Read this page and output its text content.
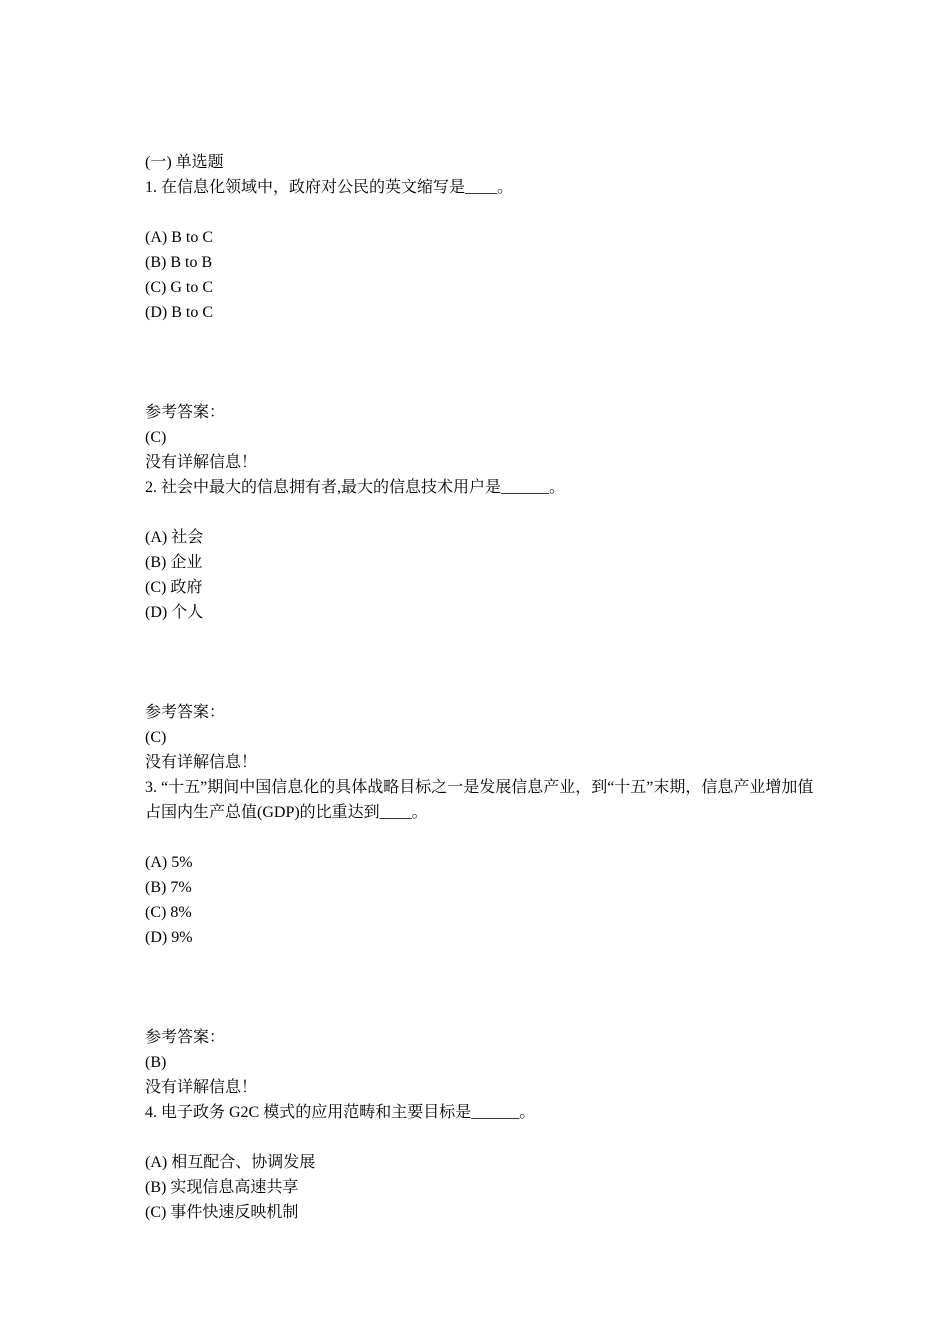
(一) 单选题
1. 在信息化领域中，政府对公民的英文缩写是____。
(A) B to C
(B) B to B
(C) G to C
(D) B to C
参考答案：
(C)
没有详解信息！
2. 社会中最大的信息拥有者,最大的信息技术用户是______。
(A) 社会
(B) 企业
(C) 政府
(D) 个人
参考答案：
(C)
没有详解信息！
3. “十五”期间中国信息化的具体战略目标之一是发展信息产业，到“十五”末期，信息产业增加值占国内生产总值(GDP)的比重达到____。
(A) 5%
(B) 7%
(C) 8%
(D) 9%
参考答案：
(B)
没有详解信息！
4. 电子政务 G2C 模式的应用范畴和主要目标是______。
(A) 相互配合、协调发展
(B) 实现信息高速共享
(C) 事件快速反映机制
